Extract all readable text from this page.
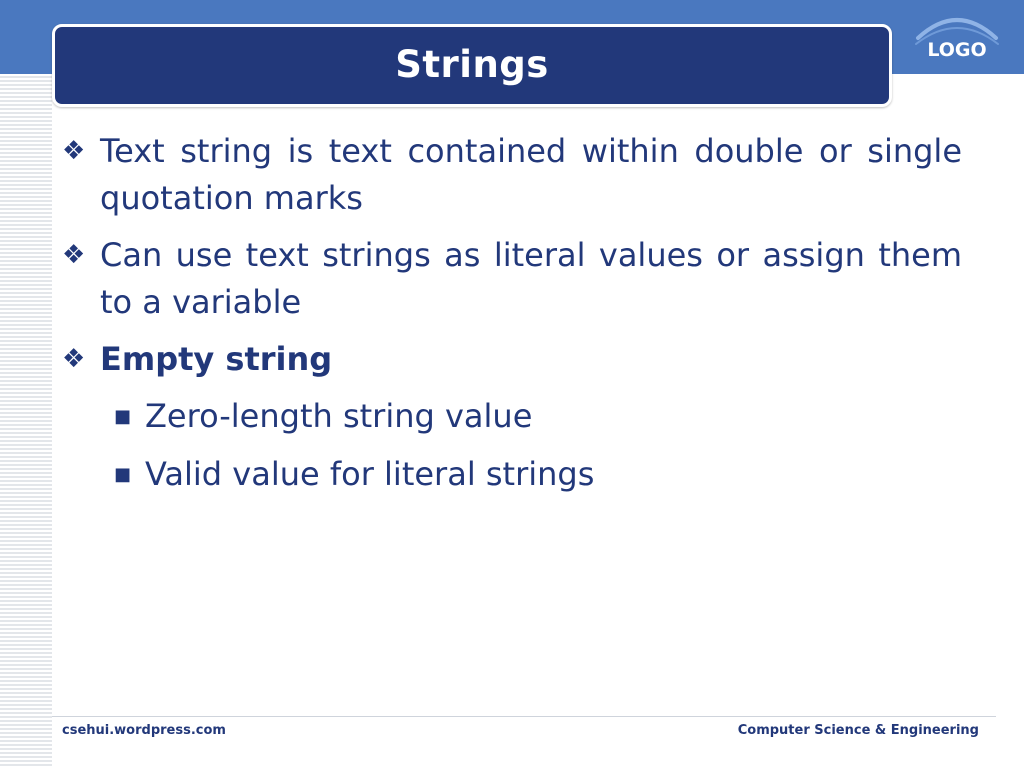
Strings	LOGO
❖ Text string is text contained within double or single quotation marks
❖ Can use text strings as literal values or assign them to a variable
❖ Empty string
■ Zero-length string value
■ Valid value for literal strings
csehui.wordpress.com	Computer Science & Engineering
